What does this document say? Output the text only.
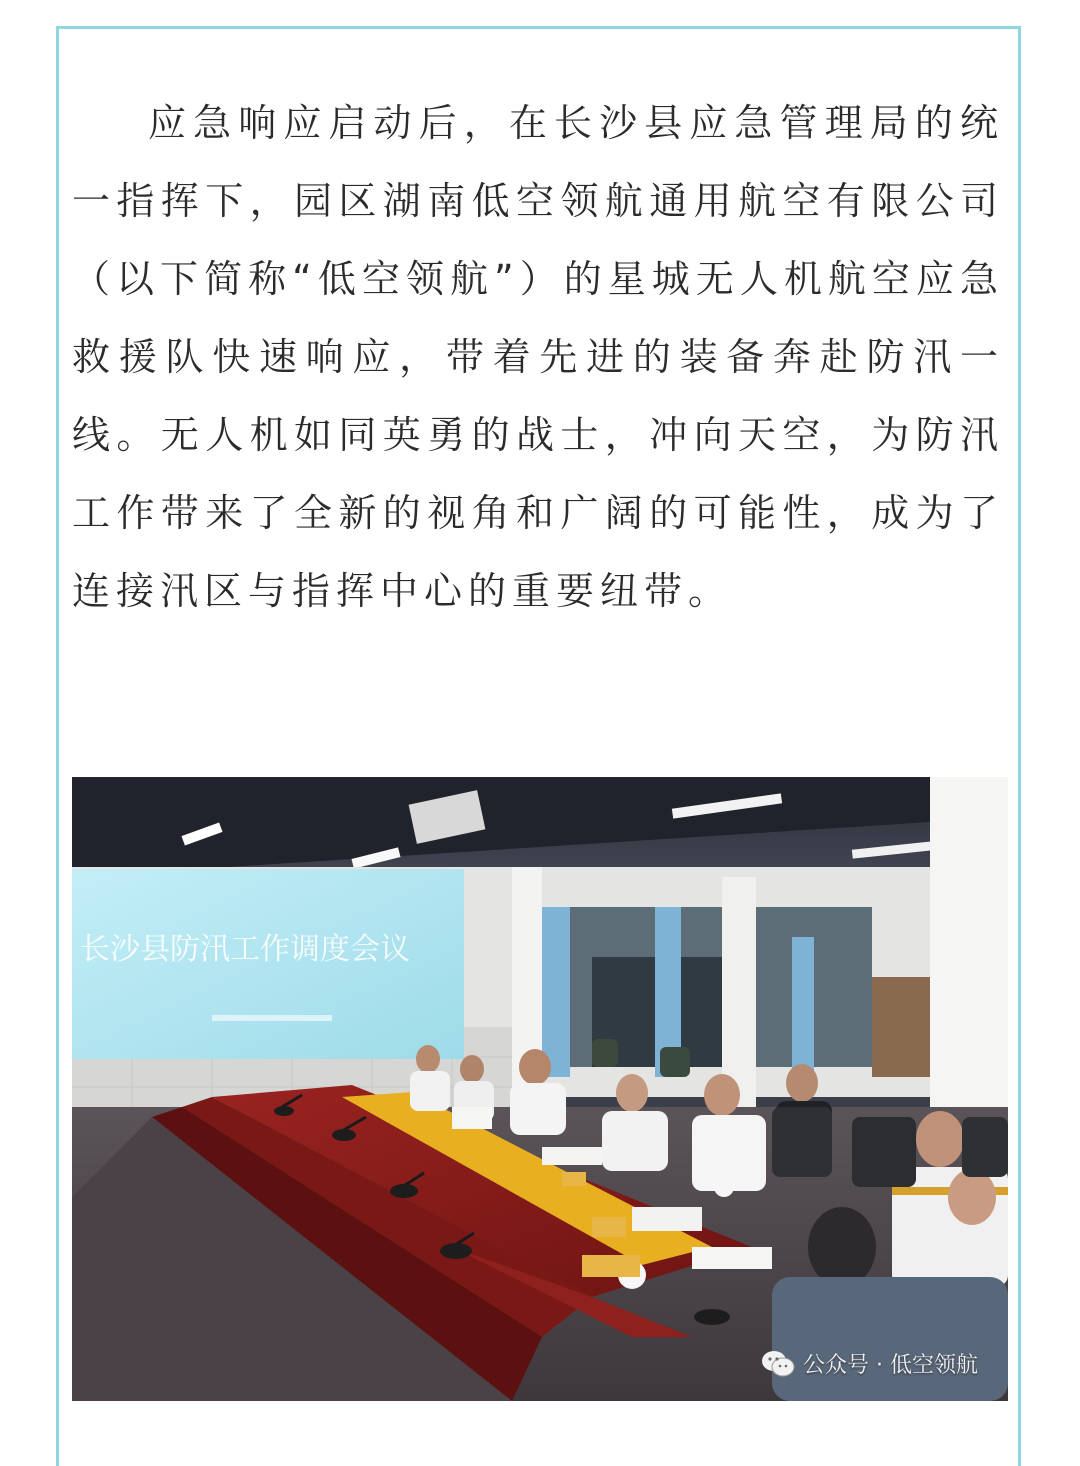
应急响应启动后，在长沙县应急管理局的统一指挥下，园区湖南低空领航通用航空有限公司（以下简称“低空领航”）的星城无人机航空应急救援队快速响应，带着先进的装备奔赴防汛一线。无人机如同英勇的战士，冲向天空，为防汛工作带来了全新的视角和广阔的可能性，成为了连接汛区与指挥中心的重要纽带。

长沙县防汛工作调度会议
公众号 · 低空领航
